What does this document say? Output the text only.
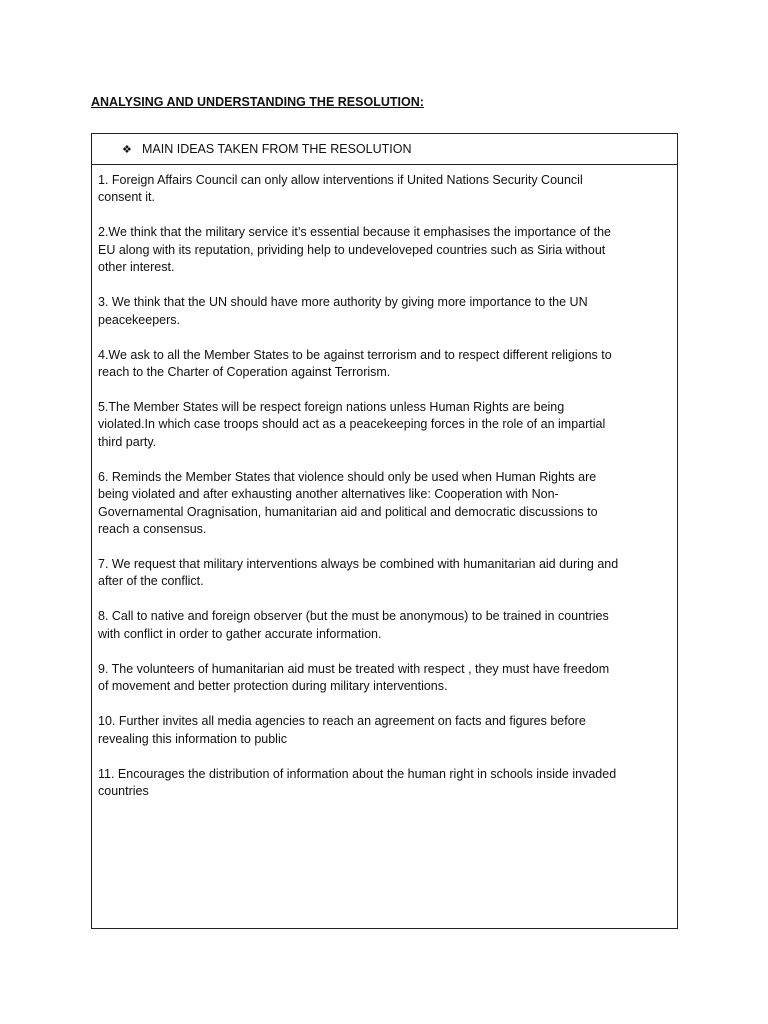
ANALYSING AND UNDERSTANDING THE RESOLUTION:
❖ MAIN IDEAS TAKEN FROM THE RESOLUTION

1. Foreign Affairs Council can only allow interventions if United Nations Security Council
consent it.

2.We think that the military service it’s essential because it emphasises the importance of the
EU along with its reputation, prividing help to undeveloveped countries such as Siria without
other interest.

3. We think that the UN should have more authority by giving more importance to the UN
peacekeepers.

4.We ask to all the Member States to be against terrorism and to respect different religions to
reach to the Charter of Coperation against Terrorism.

5.The Member States will be respect foreign nations unless Human Rights are being
violated.In which case troops should act as a peacekeeping forces in the role of an impartial
third party.

6. Reminds the Member States that violence should only be used when Human Rights are
being violated and after exhausting another alternatives like: Cooperation with Non-
Governamental Oragnisation, humanitarian aid and political and democratic discussions to
reach a consensus.

7. We request that military interventions always be combined with humanitarian aid during and
after of the conflict.

8. Call to native and foreign observer (but the must be anonymous) to be trained in countries
with conflict in order to gather accurate information.

9. The volunteers of humanitarian aid must be treated with respect , they must have freedom
of movement and better protection during military interventions.

10. Further invites all media agencies to reach an agreement on facts and figures before
revealing this information to public

11. Encourages the distribution of information about the human right in schools inside invaded
countries
